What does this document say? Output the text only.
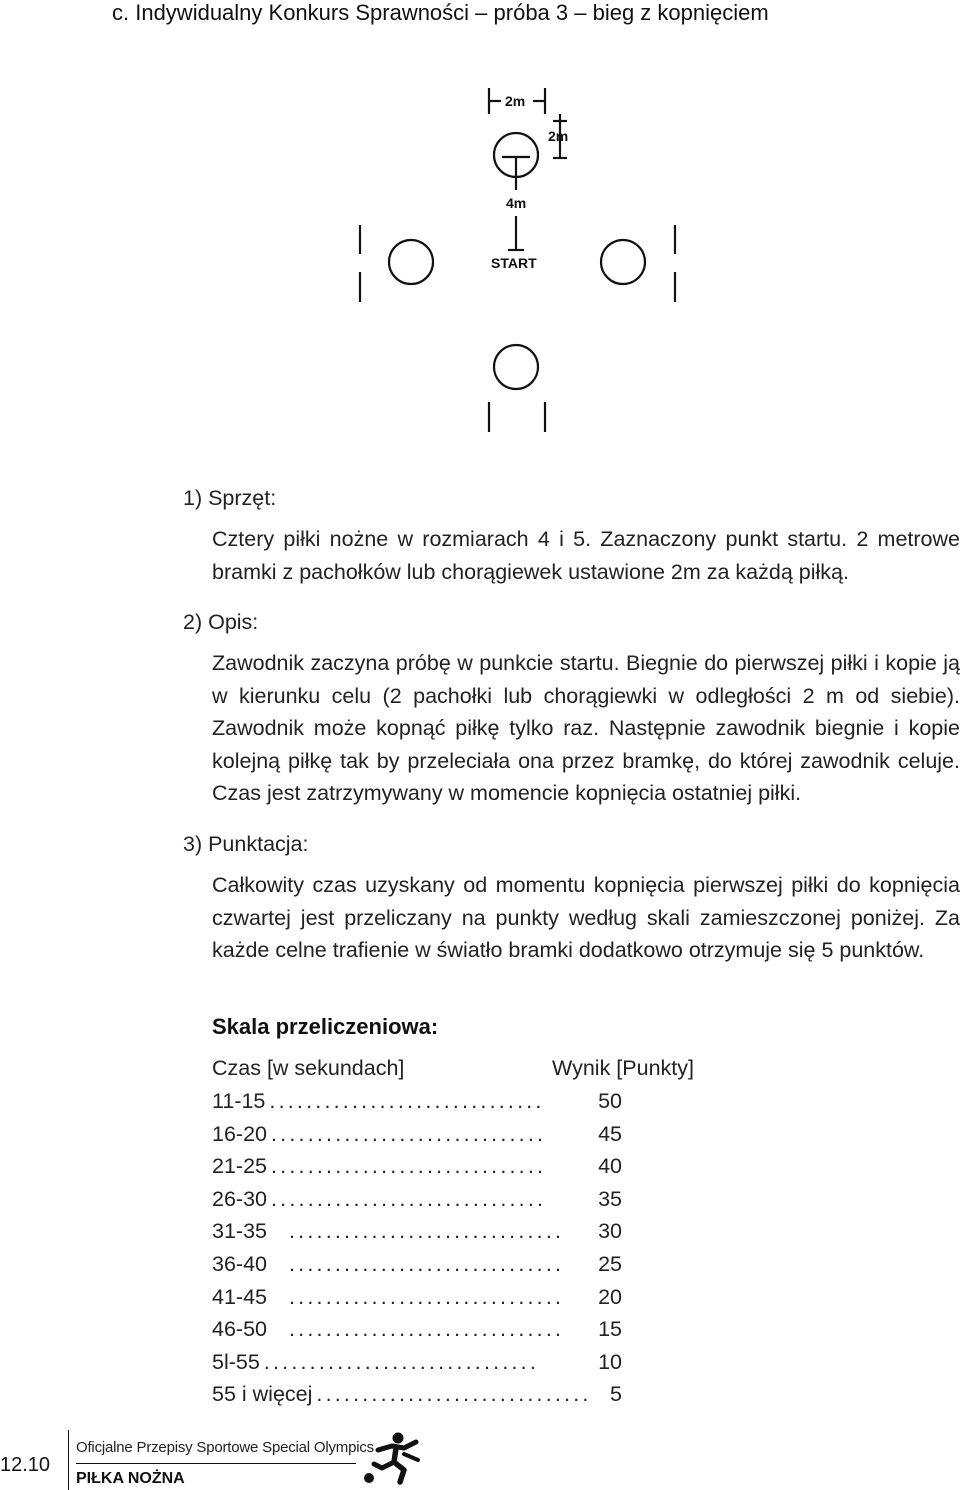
c. Indywidualny Konkurs Sprawności – próba 3 – bieg z kopnięciem
2m
2m
4m
START
1) Sprzęt:
Cztery piłki nożne w rozmiarach 4 i 5. Zaznaczony punkt startu. 2 metrowe bramki z pachołków lub chorągiewek ustawione 2m za każdą piłką.
2) Opis:
Zawodnik zaczyna próbę w punkcie startu. Biegnie do pierwszej piłki i kopie ją w kierunku celu (2 pachołki lub chorągiewki w odległości 2 m od siebie). Zawodnik może kopnąć piłkę tylko raz. Następnie zawodnik biegnie i kopie kolejną piłkę tak by przeleciała ona przez bramkę, do której zawodnik celuje. Czas jest zatrzymywany w momencie kopnięcia ostatniej piłki.
3) Punktacja:
Całkowity czas uzyskany od momentu kopnięcia pierwszej piłki do kopnięcia czwartej jest przeliczany na punkty według skali zamieszczonej poniżej. Za każde celne trafienie w światło bramki dodatkowo otrzymuje się 5 punktów.
Skala przeliczeniowa:
Czas [w sekundach]	Wynik [Punkty]
11-15 ..............................	50
16-20 ..............................	45
21-25 ..............................	40
26-30 ..............................	35
31-35	..............................	30
36-40	..............................	25
41-45	..............................	20
46-50	..............................	15
5l-55 ..............................	10
55 i więcej .............................. 5
12.10
Oficjalne Przepisy Sportowe Special Olympics
PIŁKA NOŻNA
